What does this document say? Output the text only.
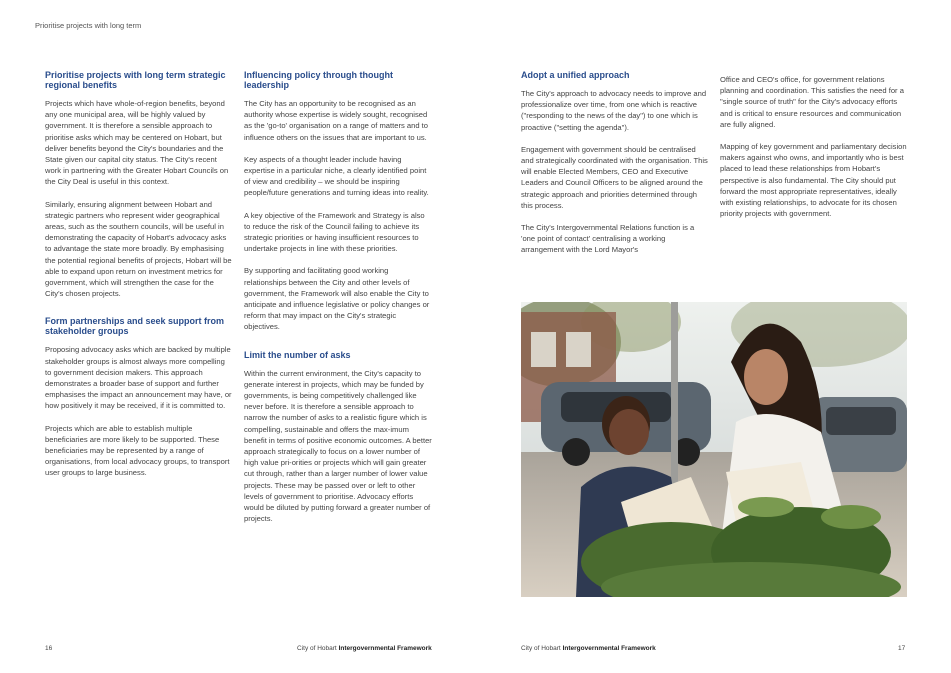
Prioritise projects with long term
Prioritise projects with long term strategic regional benefits

Projects which have whole-of-region benefits, beyond any one municipal area, will be highly valued by government. It is therefore a sensible approach to prioritise asks which may be centered on Hobart, but deliver benefits beyond the City's boundaries and the State given our capital city status. The City's recent work in partnering with the Greater Hobart Councils on the City Deal is useful in this context.

Similarly, ensuring alignment between Hobart and strategic partners who represent wider geographical areas, such as the southern councils, will be useful in demonstrating the capacity of Hobart's advocacy asks to advantage the state more broadly. By emphasising the potential regional benefits of projects, Hobart will be able to expand upon return on investment metrics for government, which will strengthen the case for the City's chosen projects.

Form partnerships and seek support from stakeholder groups

Proposing advocacy asks which are backed by multiple stakeholder groups is almost always more compelling to government decision makers. This approach demonstrates a broader base of support and further emphasises the impact an announcement may have, or how positively it may be received, if it is committed to.

Projects which are able to establish multiple beneficiaries are more likely to be supported. These beneficiaries may be represented by a range of organisations, from local advocacy groups, to transport user groups to large business.

Influencing policy through thought leadership

The City has an opportunity to be recognised as an authority whose expertise is widely sought, recognised as the 'go-to' organisation on a range of matters and to influence others on the issues that are important to us.

Key aspects of a thought leader include having expertise in a particular niche, a clearly identified point of view and credibility – we should be inspiring people/future generations and turning ideas into reality.

A key objective of the Framework and Strategy is also to reduce the risk of the Council failing to achieve its strategic priorities or having insufficient resources to undertake projects in line with these priorities.

By supporting and facilitating good working relationships between the City and other levels of government, the Framework will also enable the City to anticipate and influence legislative or policy changes or reform that may impact on the City's strategic objectives.

Limit the number of asks

Within the current environment, the City's capacity to generate interest in projects, which may be funded by governments, is being competitively challenged like never before. It is therefore a sensible approach to narrow the number of asks to a realistic figure which is compelling, sustainable and offers the max-imum benefit in terms of positive economic outcomes. A better approach strategically to focus on a lower number of high value pri-orities or projects which will gain greater cut through, rather than a larger number of lower value projects. These may be passed over or left to other levels of government to prioritise. Advocacy efforts would be diluted by putting forward a greater number of projects.

Adopt a unified approach

The City's approach to advocacy needs to improve and professionalize over time, from one which is reactive ("responding to the news of the day") to one which is proactive ("setting the agenda").

Engagement with government should be centralised and strategically coordinated with the organisation. This will enable Elected Members, CEO and Executive Leaders and Council Officers to be aligned around the strategic approach and priorities determined through this process.

The City's Intergovernmental Relations function is a 'one point of contact' centralising a working arrangement with the Lord Mayor's

Office and CEO's office, for government relations planning and coordination. This satisfies the need for a "single source of truth" for the City's advocacy efforts and is critical to ensure resources and communication are fully aligned.

Mapping of key government and parliamentary decision makers against who owns, and importantly who is best placed to lead these relationships from Hobart's perspective is also fundamental. The City should put forward the most appropriate representatives, ideally with existing relationships, to advocate for its chosen priority projects with government.

16	City of Hobart Intergovernmental Framework	City of Hobart Intergovernmental Framework	17
